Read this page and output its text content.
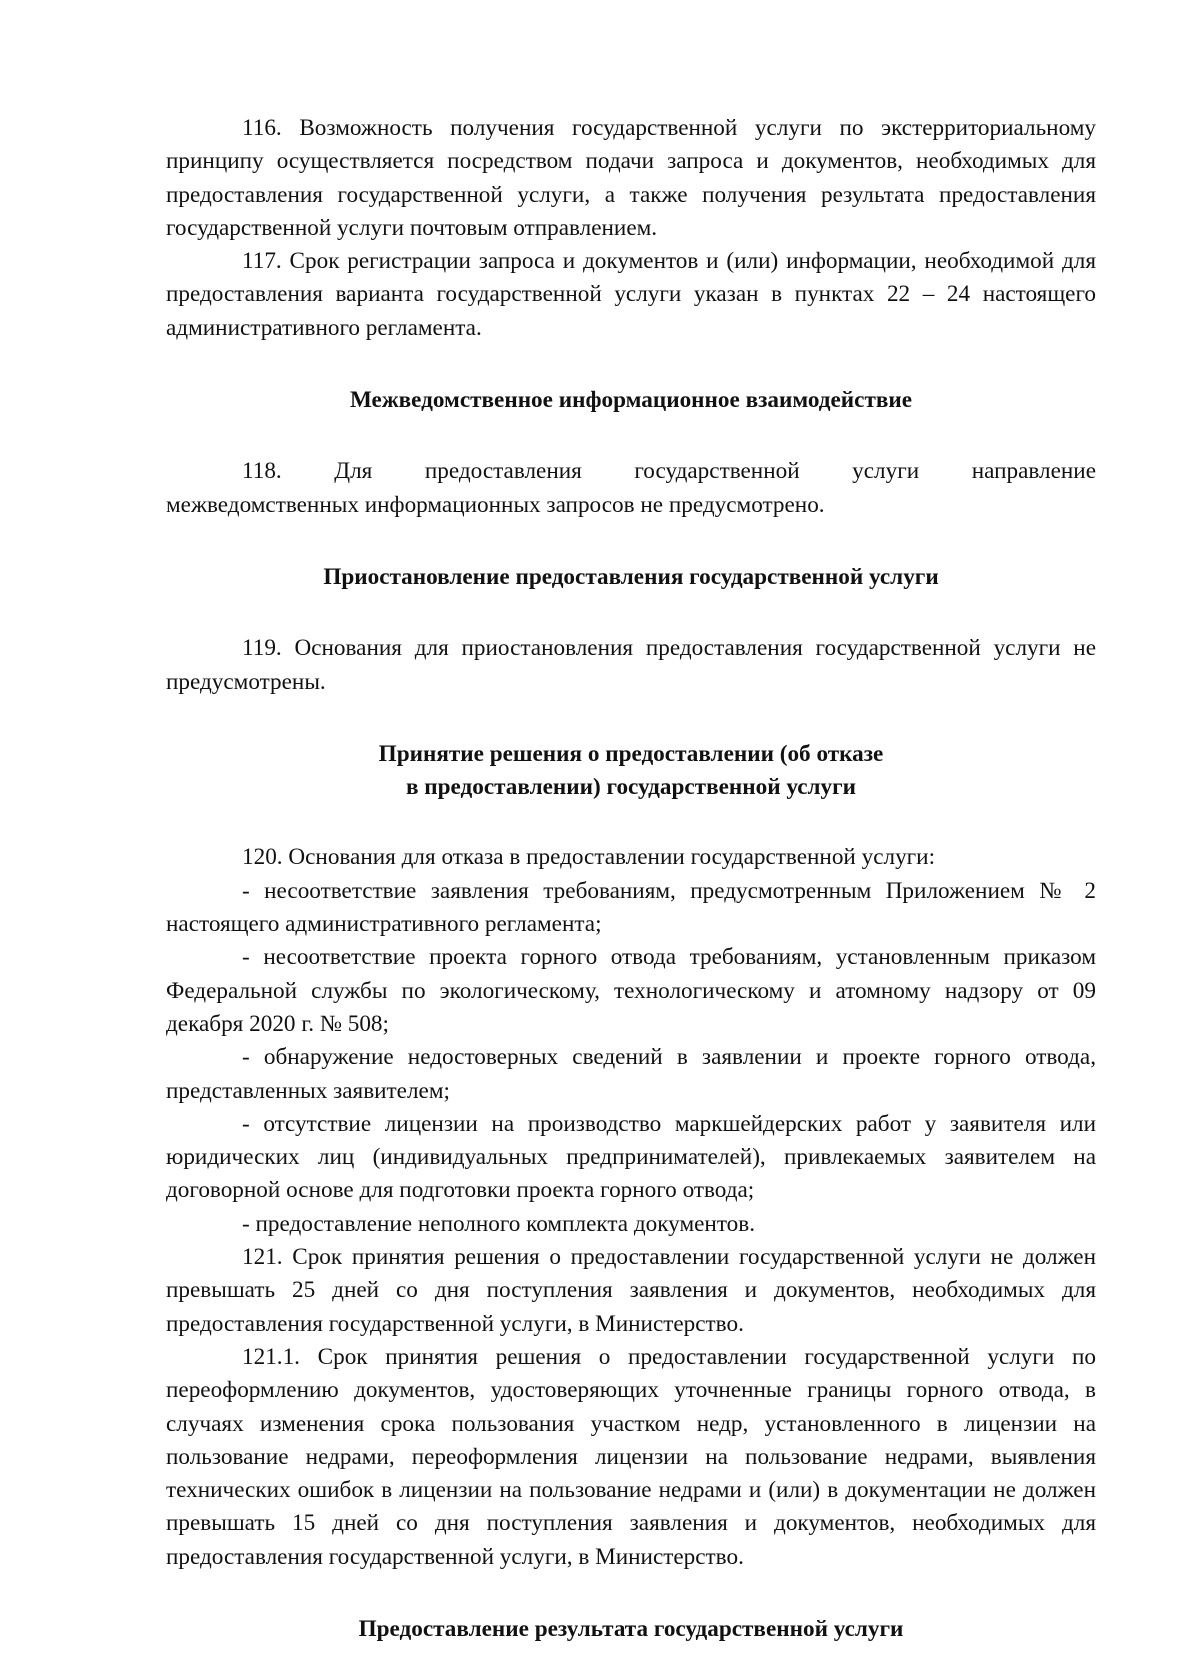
116. Возможность получения государственной услуги по экстерриториальному принципу осуществляется посредством подачи запроса и документов, необходимых для предоставления государственной услуги, а также получения результата предоставления государственной услуги почтовым отправлением.

117. Срок регистрации запроса и документов и (или) информации, необходимой для предоставления варианта государственной услуги указан в пунктах 22 – 24 настоящего административного регламента.

Межведомственное информационное взаимодействие

118. Для предоставления государственной услуги направление

межведомственных информационных запросов не предусмотрено.

Приостановление предоставления государственной услуги

119. Основания для приостановления предоставления государственной услуги не предусмотрены.

Принятие решения о предоставлении (об отказе

в предоставлении) государственной услуги

120. Основания для отказа в предоставлении государственной услуги:

- несоответствие заявления требованиям, предусмотренным Приложением № 2 настоящего административного регламента;

- несоответствие проекта горного отвода требованиям, установленным приказом Федеральной службы по экологическому, технологическому и атомному надзору от 09 декабря 2020 г. № 508;

- обнаружение недостоверных сведений в заявлении и проекте горного отвода, представленных заявителем;

- отсутствие лицензии на производство маркшейдерских работ у заявителя или юридических лиц (индивидуальных предпринимателей), привлекаемых заявителем на договорной основе для подготовки проекта горного отвода;

- предоставление неполного комплекта документов.

121. Срок принятия решения о предоставлении государственной услуги не должен превышать 25 дней со дня поступления заявления и документов, необходимых для предоставления государственной услуги, в Министерство.

121.1. Срок принятия решения о предоставлении государственной услуги по переоформлению документов, удостоверяющих уточненные границы горного отвода, в случаях изменения срока пользования участком недр, установленного в лицензии на пользование недрами, переоформления лицензии на пользование недрами, выявления технических ошибок в лицензии на пользование недрами и (или) в документации не должен превышать 15 дней со дня поступления заявления и документов, необходимых для предоставления государственной услуги, в Министерство.

Предоставление результата государственной услуги
